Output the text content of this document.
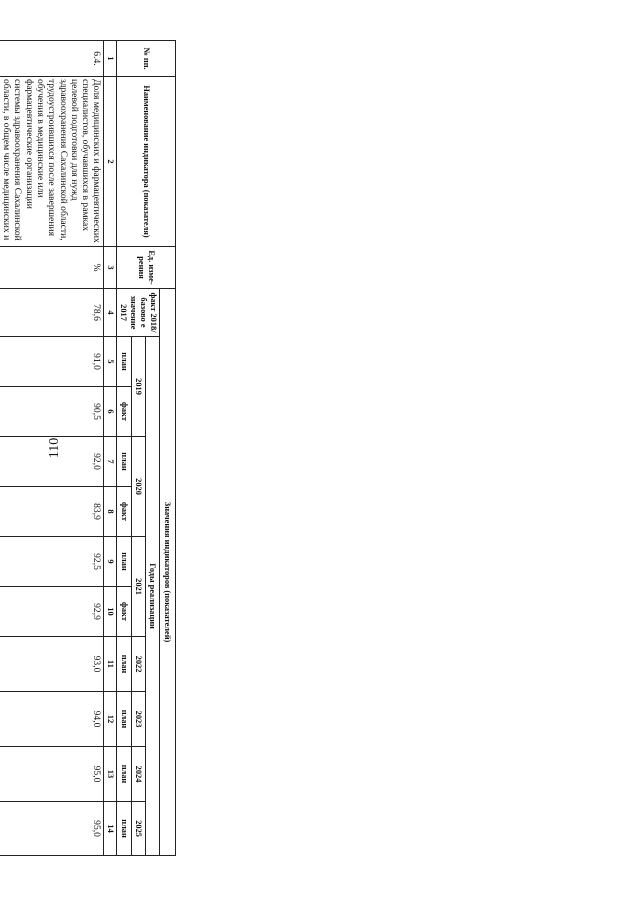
110
№ пп.	Наименование индикатора (показателя)	Ед. изме-рения	Значения индикаторов (показателей)										
			факт 2018/базово е значение 2017	Годы реализации									
				2019		2020		2021		2022	2023	2024	2025
				план	факт	план	факт	план	факт	план	план	план	план
1	2	3	4	5	6	7	8	9	10	11	12	13	14
6.4.	Доля медицинских и фармацевтических специалистов, обучавшихся в рамках целевой подготовки для нужд здравоохранения Сахалинской области, трудоустроившихся после завершения обучения в медицинские или фармацевтические организации системы здравоохранения Сахалинской области, в общем числе медицинских и	%	78,6	91,0	90,5	92,0	83,9	92,5	92,9	93,0	94,0	95,0	95,0
